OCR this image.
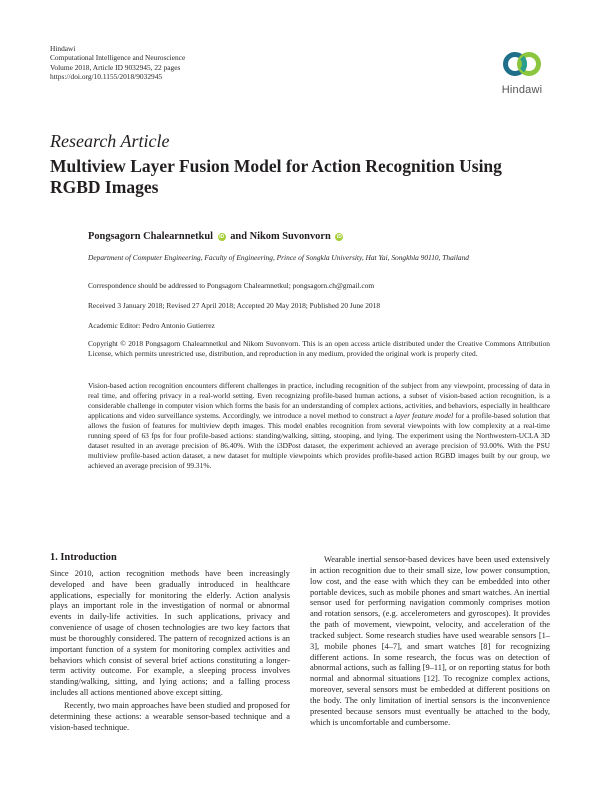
Hindawi
Computational Intelligence and Neuroscience
Volume 2018, Article ID 9032945, 22 pages
https://doi.org/10.1155/2018/9032945
Hindawi
Research Article
Multiview Layer Fusion Model for Action Recognition Using RGBD Images
Pongsagorn Chalearnnetkul iD and Nikom Suvonvorn iD
Department of Computer Engineering, Faculty of Engineering, Prince of Songkla University, Hat Yai, Songkhla 90110, Thailand
Correspondence should be addressed to Pongsagorn Chalearnnetkul; pongsagorn.ch@gmail.com
Received 3 January 2018; Revised 27 April 2018; Accepted 20 May 2018; Published 20 June 2018
Academic Editor: Pedro Antonio Gutierrez
Copyright © 2018 Pongsagorn Chalearnnetkul and Nikom Suvonvorn. This is an open access article distributed under the Creative Commons Attribution License, which permits unrestricted use, distribution, and reproduction in any medium, provided the original work is properly cited.
Vision-based action recognition encounters different challenges in practice, including recognition of the subject from any viewpoint, processing of data in real time, and offering privacy in a real-world setting. Even recognizing profile-based human actions, a subset of vision-based action recognition, is a considerable challenge in computer vision which forms the basis for an understanding of complex actions, activities, and behaviors, especially in healthcare applications and video surveillance systems. Accordingly, we introduce a novel method to construct a layer feature model for a profile-based solution that allows the fusion of features for multiview depth images. This model enables recognition from several viewpoints with low complexity at a real-time running speed of 63 fps for four profile-based actions: standing/walking, sitting, stooping, and lying. The experiment using the Northwestern-UCLA 3D dataset resulted in an average precision of 86.40%. With the i3DPost dataset, the experiment achieved an average precision of 93.00%. With the PSU multiview profile-based action dataset, a new dataset for multiple viewpoints which provides profile-based action RGBD images built by our group, we achieved an average precision of 99.31%.
1. Introduction

Since 2010, action recognition methods have been increasingly developed and have been gradually introduced in healthcare applications, especially for monitoring the elderly. Action analysis plays an important role in the investigation of normal or abnormal events in daily-life activities. In such applications, privacy and convenience of usage of chosen technologies are two key factors that must be thoroughly considered. The pattern of recognized actions is an important function of a system for monitoring complex activities and behaviors which consist of several brief actions constituting a longer-term activity outcome. For example, a sleeping process involves standing/walking, sitting, and lying actions; and a falling process includes all actions mentioned above except sitting.

Recently, two main approaches have been studied and proposed for determining these actions: a wearable sensor-based technique and a vision-based technique.

Wearable inertial sensor-based devices have been used extensively in action recognition due to their small size, low power consumption, low cost, and the ease with which they can be embedded into other portable devices, such as mobile phones and smart watches. An inertial sensor used for performing navigation commonly comprises motion and rotation sensors, (e.g. accelerometers and gyroscopes). It provides the path of movement, viewpoint, velocity, and acceleration of the tracked subject. Some research studies have used wearable sensors [1–3], mobile phones [4–7], and smart watches [8] for recognizing different actions. In some research, the focus was on detection of abnormal actions, such as falling [9–11], or on reporting status for both normal and abnormal situations [12]. To recognize complex actions, moreover, several sensors must be embedded at different positions on the body. The only limitation of inertial sensors is the inconvenience presented because sensors must eventually be attached to the body, which is uncomfortable and cumbersome.
